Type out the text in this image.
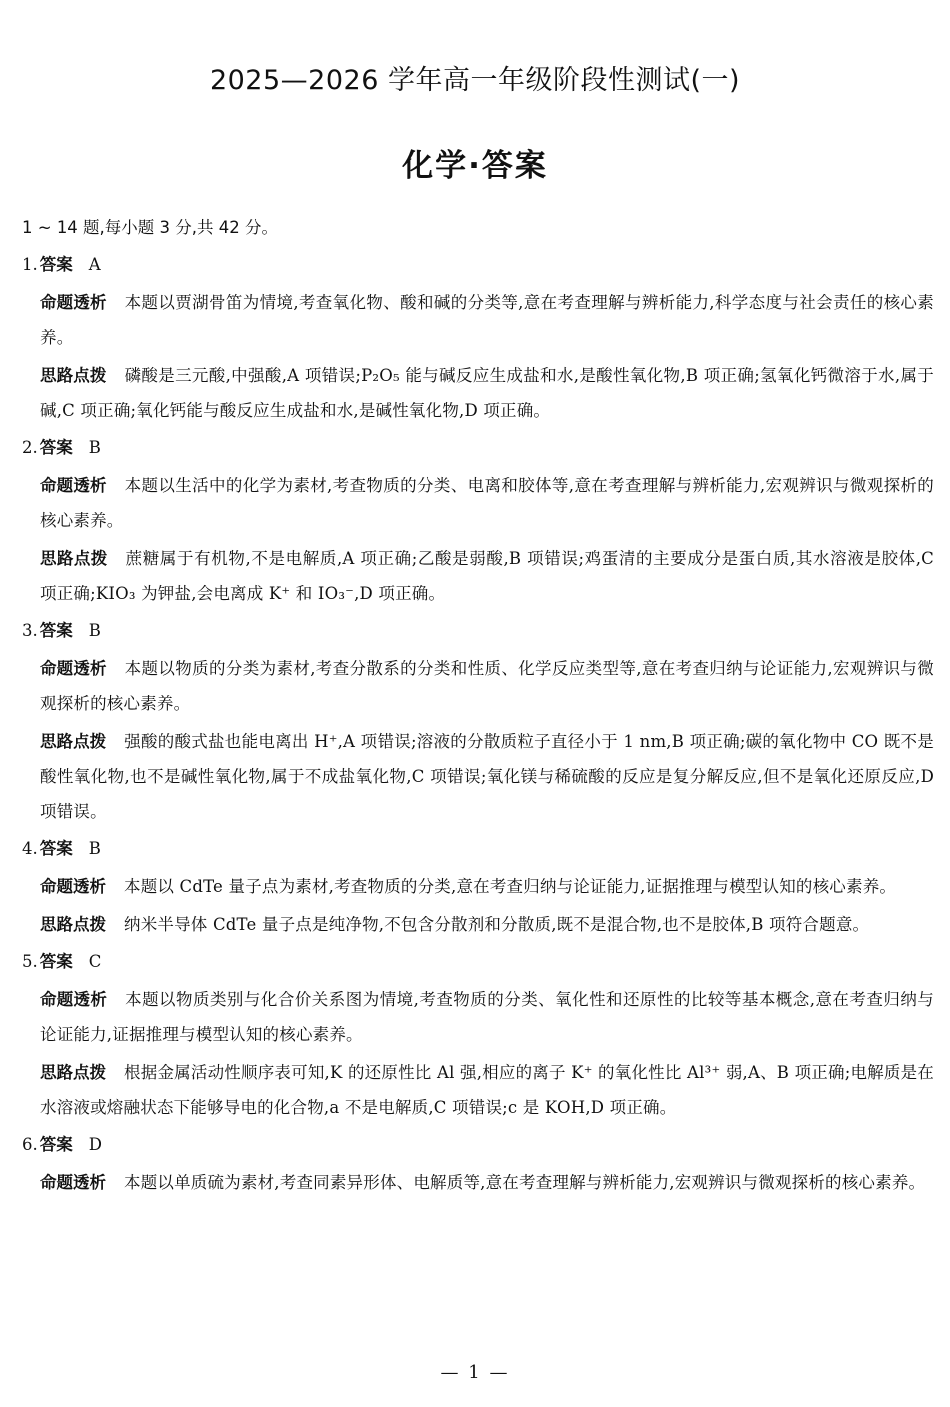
2025—2026 学年高一年级阶段性测试(一)
化学·答案
1 ~ 14 题,每小题 3 分,共 42 分。
1. 答案 A
命题透析 本题以贾湖骨笛为情境,考查氧化物、酸和碱的分类等,意在考查理解与辨析能力,科学态度与社会责任的核心素养。
思路点拨 磷酸是三元酸,中强酸,A 项错误;P₂O₅ 能与碱反应生成盐和水,是酸性氧化物,B 项正确;氢氧化钙微溶于水,属于碱,C 项正确;氧化钙能与酸反应生成盐和水,是碱性氧化物,D 项正确。
2. 答案 B
命题透析 本题以生活中的化学为素材,考查物质的分类、电离和胶体等,意在考查理解与辨析能力,宏观辨识与微观探析的核心素养。
思路点拨 蔗糖属于有机物,不是电解质,A 项正确;乙酸是弱酸,B 项错误;鸡蛋清的主要成分是蛋白质,其水溶液是胶体,C 项正确;KIO₃ 为钾盐,会电离成 K⁺ 和 IO₃⁻,D 项正确。
3. 答案 B
命题透析 本题以物质的分类为素材,考查分散系的分类和性质、化学反应类型等,意在考查归纳与论证能力,宏观辨识与微观探析的核心素养。
思路点拨 强酸的酸式盐也能电离出 H⁺,A 项错误;溶液的分散质粒子直径小于 1 nm,B 项正确;碳的氧化物中 CO 既不是酸性氧化物,也不是碱性氧化物,属于不成盐氧化物,C 项错误;氧化镁与稀硫酸的反应是复分解反应,但不是氧化还原反应,D 项错误。
4. 答案 B
命题透析 本题以 CdTe 量子点为素材,考查物质的分类,意在考查归纳与论证能力,证据推理与模型认知的核心素养。
思路点拨 纳米半导体 CdTe 量子点是纯净物,不包含分散剂和分散质,既不是混合物,也不是胶体,B 项符合题意。
5. 答案 C
命题透析 本题以物质类别与化合价关系图为情境,考查物质的分类、氧化性和还原性的比较等基本概念,意在考查归纳与论证能力,证据推理与模型认知的核心素养。
思路点拨 根据金属活动性顺序表可知,K 的还原性比 Al 强,相应的离子 K⁺ 的氧化性比 Al³⁺ 弱,A、B 项正确;电解质是在水溶液或熔融状态下能够导电的化合物,a 不是电解质,C 项错误;c 是 KOH,D 项正确。
6. 答案 D
命题透析 本题以单质硫为素材,考查同素异形体、电解质等,意在考查理解与辨析能力,宏观辨识与微观探析的核心素养。
— 1 —
